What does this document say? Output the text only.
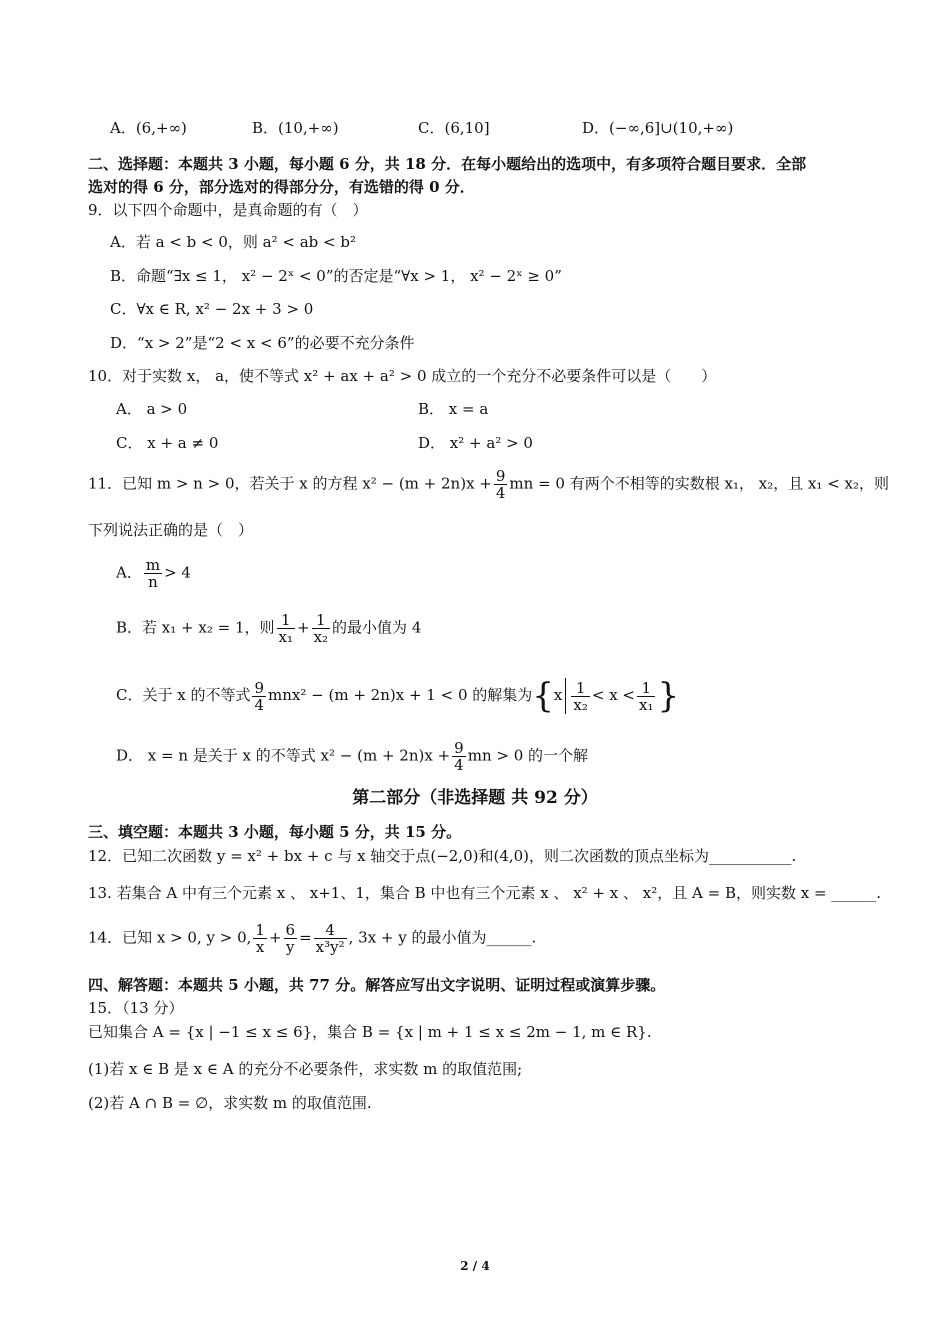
A．(6,+∞)	B．(10,+∞)	C．(6,10]	D．(−∞,6]∪(10,+∞)
二、选择题：本题共 3 小题，每小题 6 分，共 18 分．在每小题给出的选项中，有多项符合题目要求．全部
选对的得 6 分，部分选对的得部分分，有选错的得 0 分．
9．以下四个命题中，是真命题的有（　）
A．若 a < b < 0，则 a² < ab < b²
B．命题“∃x ≤ 1， x² − 2ˣ < 0”的否定是“∀x > 1， x² − 2ˣ ≥ 0”
C．∀x ∈ R, x² − 2x + 3 > 0
D．“x > 2”是“2 < x < 6”的必要不充分条件
10．对于实数 x， a，使不等式 x² + ax + a² > 0 成立的一个充分不必要条件可以是（　　）
A． a > 0	B． x = a
C． x + a ≠ 0	D． x² + a² > 0
11．已知 m > n > 0，若关于 x 的方程 $x^2 - (m + 2n)x + \frac{9}{4}$ mn = 0 有两个不相等的实数根 x₁， x₂，且 x₁ < x₂，则
下列说法正确的是（　）
A． $\frac{m}{n} > 4$
B．若 x₁ + x₂ = 1，则 $\frac{1}{\text{x₁}} + \frac{1}{\text{x₂}}$ 的最小值为 4
C．关于 x 的不等式 $\frac{9}{4} mnx^2 - (m + 2n)x + 1 < 0$ 的解集为{$x \frac{1}{\text{x₂}} < x < \frac{1}{\text{x₁}}$ }
D． x = n 是关于 x 的不等式 $x^2 - (m + 2n)x + \frac{9}{4}$ mn > 0 的一个解
第二部分（非选择题 共 92 分）
三、填空题：本题共 3 小题，每小题 5 分，共 15 分。
12．已知二次函数 y = x² + bx + c 与 x 轴交于点(−2,0)和(4,0)，则二次函数的顶点坐标为___________.
13. 若集合 A 中有三个元素 x 、 x+1、1，集合 B 中也有三个元素 x 、 x² + x 、 x²，且 A = B，则实数 x = ______.
14．已知 x > 0, y > 0, $\frac{1}{x} + \frac{6}{y} = \frac{4}{\text{x³y²}}$ , 3x + y 的最小值为______.
四、解答题：本题共 5 小题，共 77 分。解答应写出文字说明、证明过程或演算步骤。
15．（13 分）
已知集合 A = {x | −1 ≤ x ≤ 6}，集合 B = {x | m + 1 ≤ x ≤ 2m − 1, m ∈ R}.
(1)若 x ∈ B 是 x ∈ A 的充分不必要条件，求实数 m 的取值范围;
(2)若 A ∩ B = ∅，求实数 m 的取值范围.
2 / 4
